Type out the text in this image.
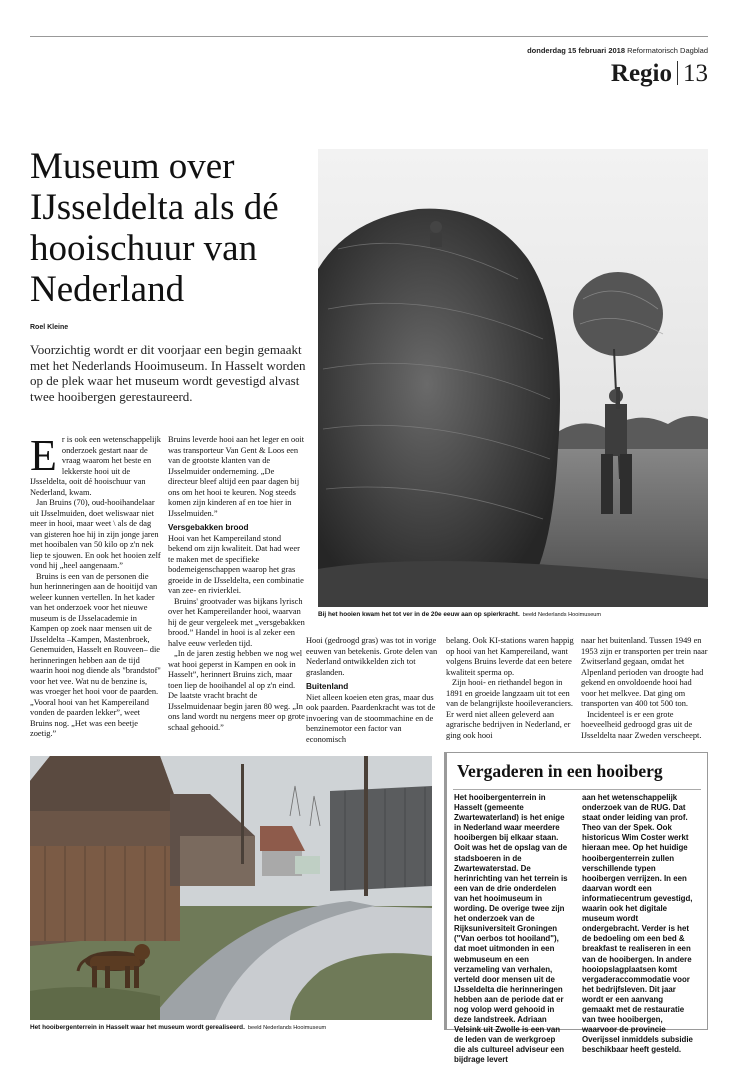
donderdag 15 februari 2018 Reformatorisch Dagblad
Regio 13
Museum over IJsseldelta als dé hooischuur van Nederland
Roel Kleine
Voorzichtig wordt er dit voorjaar een begin gemaakt met het Nederlands Hooimuseum. In Hasselt worden op de plek waar het museum wordt gevestigd alvast twee hooibergen gerestaureerd.
Bij het hooien kwam het tot ver in de 20e eeuw aan op spierkracht. beeld Nederlands Hooimuseum
E r is ook een wetenschappelijk onderzoek gestart naar de vraag waarom het beste en lekkerste hooi uit de IJsseldelta, ooit dé hooischuur van Nederland, kwam.

Jan Bruins (70), oud-hooihandelaar uit IJsselmuiden, doet weliswaar niet meer in hooi, maar weet \ als de dag van gisteren hoe hij in zijn jonge jaren met hooibalen van 50 kilo op z'n nek liep te sjouwen. En ook het hooien zelf vond hij „heel aangenaam.”

Bruins is een van de personen die hun herinneringen aan de hooitijd van weleer kunnen vertellen. In het kader van het onderzoek voor het nieuwe museum is de IJsselacademie in Kampen op zoek naar mensen uit de IJsseldelta –Kampen, Mastenbroek, Genemuiden, Hasselt en Rouveen– die herinneringen hebben aan de tijd waarin hooi nog diende als "brandstof" voor het vee. Wat nu de benzine is, was vroeger het hooi voor de paarden. „Vooral hooi van het Kampereiland vonden de paarden lekker”, weet Bruins nog. „Het was een beetje zoetig.”

Bruins leverde hooi aan het leger en ooit was transporteur Van Gent & Loos een van de grootste klanten van de IJsselmuider onderneming. „De directeur bleef altijd een paar dagen bij ons om het hooi te keuren. Nog steeds komen zijn kinderen af en toe hier in IJsselmuiden.”

Versgebakken brood

Hooi van het Kampereiland stond bekend om zijn kwaliteit. Dat had weer te maken met de specifieke bodemeigenschappen waarop het gras groeide in de IJsseldelta, een combinatie van zee- en rivierklei.

Bruins' grootvader was bijkans lyrisch over het Kampereilander hooi, waarvan hij de geur vergeleek met „versgebakken brood.” Handel in hooi is al zeker een halve eeuw verleden tijd.

„In de jaren zestig hebben we nog wel wat hooi geperst in Kampen en ook in Hasselt”, herinnert Bruins zich, maar toen liep de hooihandel al op z'n eind. De laatste vracht bracht de IJsselmuidenaar begin jaren 80 weg. „In ons land wordt nu nergens meer op grote schaal gehooid.”

Hooi (gedroogd gras) was tot in vorige eeuwen van betekenis. Grote delen van Nederland ontwikkelden zich tot graslanden.

Buitenland

Niet alleen koeien eten gras, maar dus ook paarden. Paardenkracht was tot de invoering van de stoommachine en de benzinemotor een factor van economisch

belang. Ook KI-stations waren happig op hooi van het Kampereiland, want volgens Bruins leverde dat een betere kwaliteit sperma op.

Zijn hooi- en riethandel begon in 1891 en groeide langzaam uit tot een van de belangrijkste hooileveranciers. Er werd niet alleen geleverd aan agrarische bedrijven in Nederland, er ging ook hooi

naar het buitenland. Tussen 1949 en 1953 zijn er transporten per trein naar Zwitserland gegaan, omdat het Alpenland perioden van droogte had gekend en onvoldoende hooi had voor het melkvee. Dat ging om transporten van 400 tot 500 ton.

Incidenteel is er een grote hoeveelheid gedroogd gras uit de IJsseldelta naar Zweden verscheept.

Het hooibergenterrein in Hasselt waar het museum wordt gerealiseerd. beeld Nederlands Hooimuseum
Vergaderen in een hooiberg

Het hooibergenterrein in Hasselt (gemeente Zwartewaterland) is het enige in Nederland waar meerdere hooibergen bij elkaar staan. Ooit was het de opslag van de stadsboeren in de Zwartewaterstad. De herinrichting van het terrein is een van de drie onderdelen van het hooimuseum in wording. De overige twee zijn het onderzoek van de Rijksuniversiteit Groningen ("Van oerbos tot hooiland"), dat moet uitmonden in een webmuseum en een verzameling van verhalen, verteld door mensen uit de IJsseldelta die herinneringen hebben aan de periode dat er nog volop werd gehooid in deze landstreek. Adriaan Velsink uit Zwolle is een van de leden van de werkgroep die als cultureel adviseur een bijdrage levert

aan het wetenschappelijk onderzoek van de RUG. Dat staat onder leiding van prof. Theo van der Spek. Ook historicus Wim Coster werkt hieraan mee. Op het huidige hooibergenterrein zullen verschillende typen hooibergen verrijzen. In een daarvan wordt een informatiecentrum gevestigd, waarin ook het digitale museum wordt ondergebracht. Verder is het de bedoeling om een bed & breakfast te realiseren in een van de hooibergen. In andere hooiopslagplaatsen komt vergaderaccommodatie voor het bedrijfsleven. Dit jaar wordt er een aanvang gemaakt met de restauratie van twee hooibergen, waarvoor de provincie Overijssel inmiddels subsidie beschikbaar heeft gesteld.
